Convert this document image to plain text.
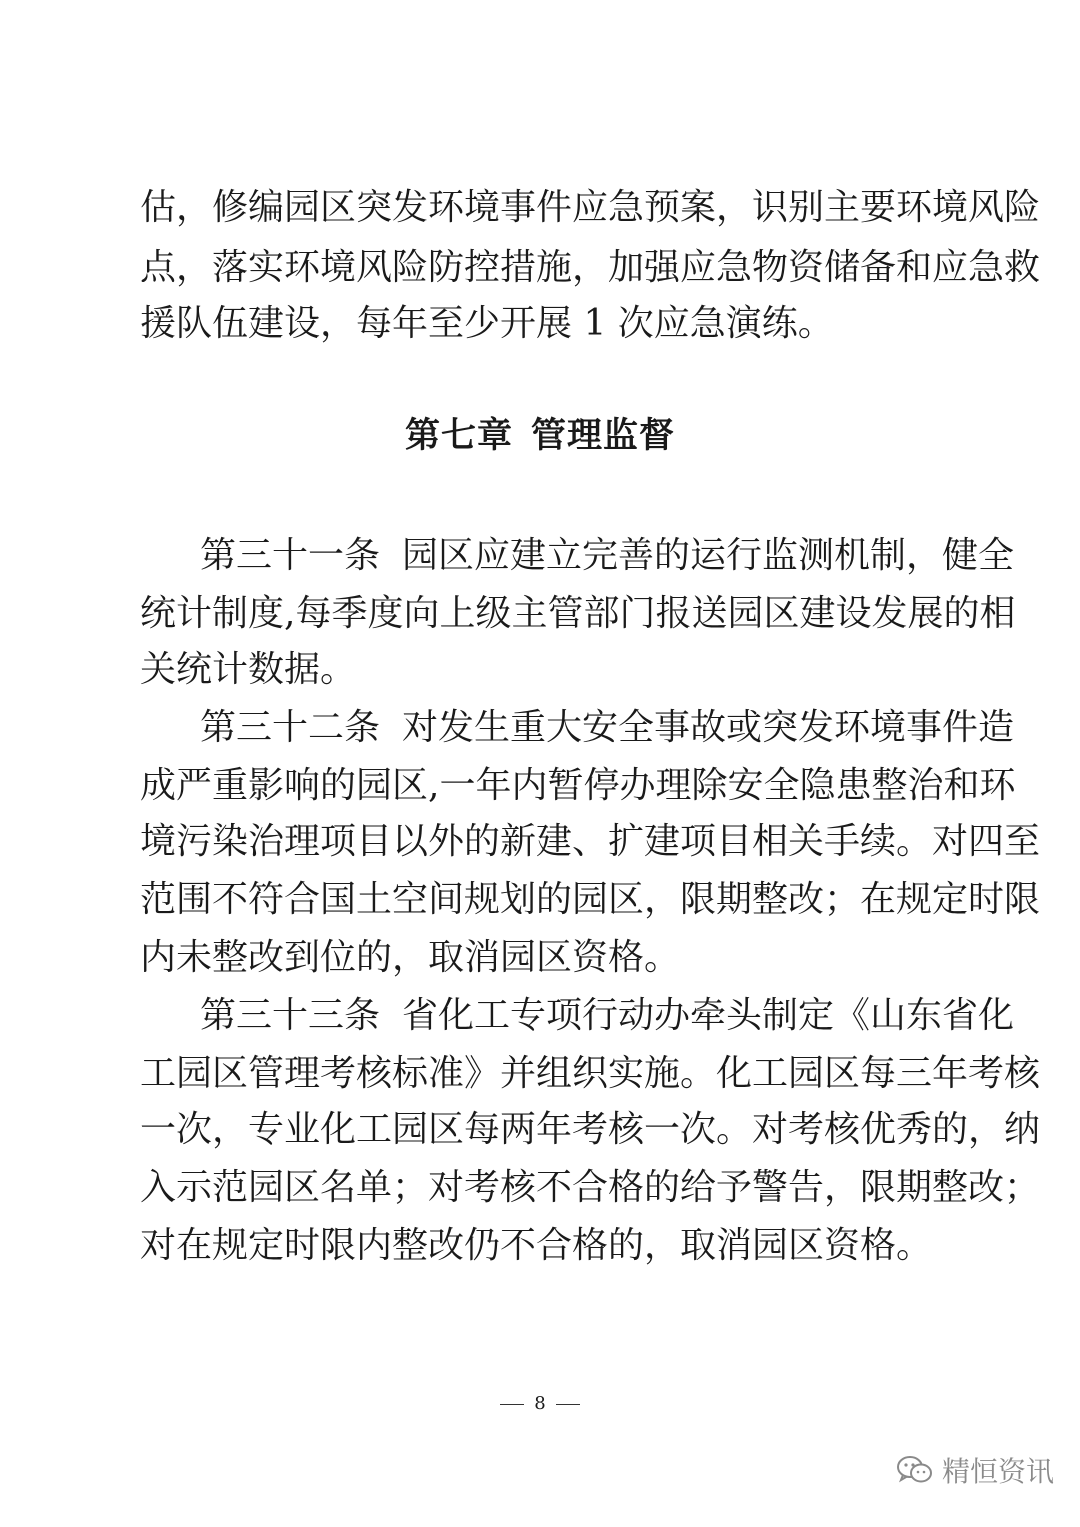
估，修编园区突发环境事件应急预案，识别主要环境风险
点，落实环境风险防控措施，加强应急物资储备和应急救
援队伍建设，每年至少开展 1 次应急演练。
第七章 管理监督
第三十一条 园区应建立完善的运行监测机制，健全
统计制度,每季度向上级主管部门报送园区建设发展的相
关统计数据。
第三十二条 对发生重大安全事故或突发环境事件造
成严重影响的园区,一年内暂停办理除安全隐患整治和环
境污染治理项目以外的新建、扩建项目相关手续。对四至
范围不符合国土空间规划的园区，限期整改；在规定时限
内未整改到位的，取消园区资格。
第三十三条 省化工专项行动办牵头制定《山东省化
工园区管理考核标准》并组织实施。化工园区每三年考核
一次，专业化工园区每两年考核一次。对考核优秀的，纳
入示范园区名单；对考核不合格的给予警告，限期整改；
对在规定时限内整改仍不合格的，取消园区资格。
8
精恒资讯
